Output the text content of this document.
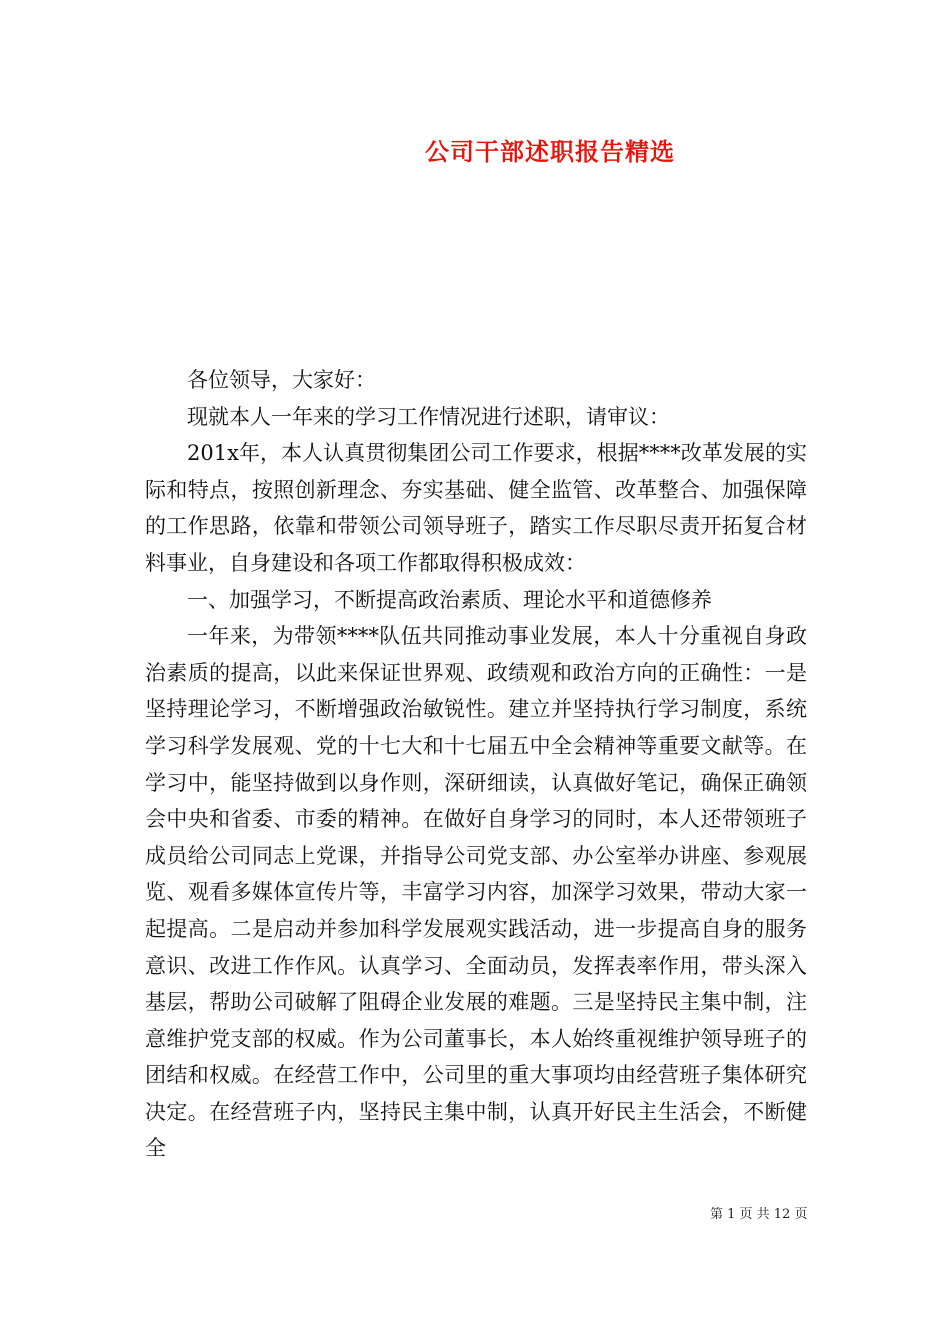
公司干部述职报告精选

各位领导，大家好：

现就本人一年来的学习工作情况进行述职，请审议：

201x年，本人认真贯彻集团公司工作要求，根据****改革发展的实际和特点，按照创新理念、夯实基础、健全监管、改革整合、加强保障的工作思路，依靠和带领公司领导班子，踏实工作尽职尽责开拓复合材料事业，自身建设和各项工作都取得积极成效：

一、加强学习，不断提高政治素质、理论水平和道德修养

一年来，为带领****队伍共同推动事业发展，本人十分重视自身政治素质的提高，以此来保证世界观、政绩观和政治方向的正确性：一是坚持理论学习，不断增强政治敏锐性。建立并坚持执行学习制度，系统学习科学发展观、党的十七大和十七届五中全会精神等重要文献等。在学习中，能坚持做到以身作则，深研细读，认真做好笔记，确保正确领会中央和省委、市委的精神。在做好自身学习的同时，本人还带领班子成员给公司同志上党课，并指导公司党支部、办公室举办讲座、参观展览、观看多媒体宣传片等，丰富学习内容，加深学习效果，带动大家一起提高。二是启动并参加科学发展观实践活动，进一步提高自身的服务意识、改进工作作风。认真学习、全面动员，发挥表率作用，带头深入基层，帮助公司破解了阻碍企业发展的难题。三是坚持民主集中制，注意维护党支部的权威。作为公司董事长，本人始终重视维护领导班子的团结和权威。在经营工作中，公司里的重大事项均由经营班子集体研究决定。在经营班子内，坚持民主集中制，认真开好民主生活会，不断健全

第 1 页 共 12 页
